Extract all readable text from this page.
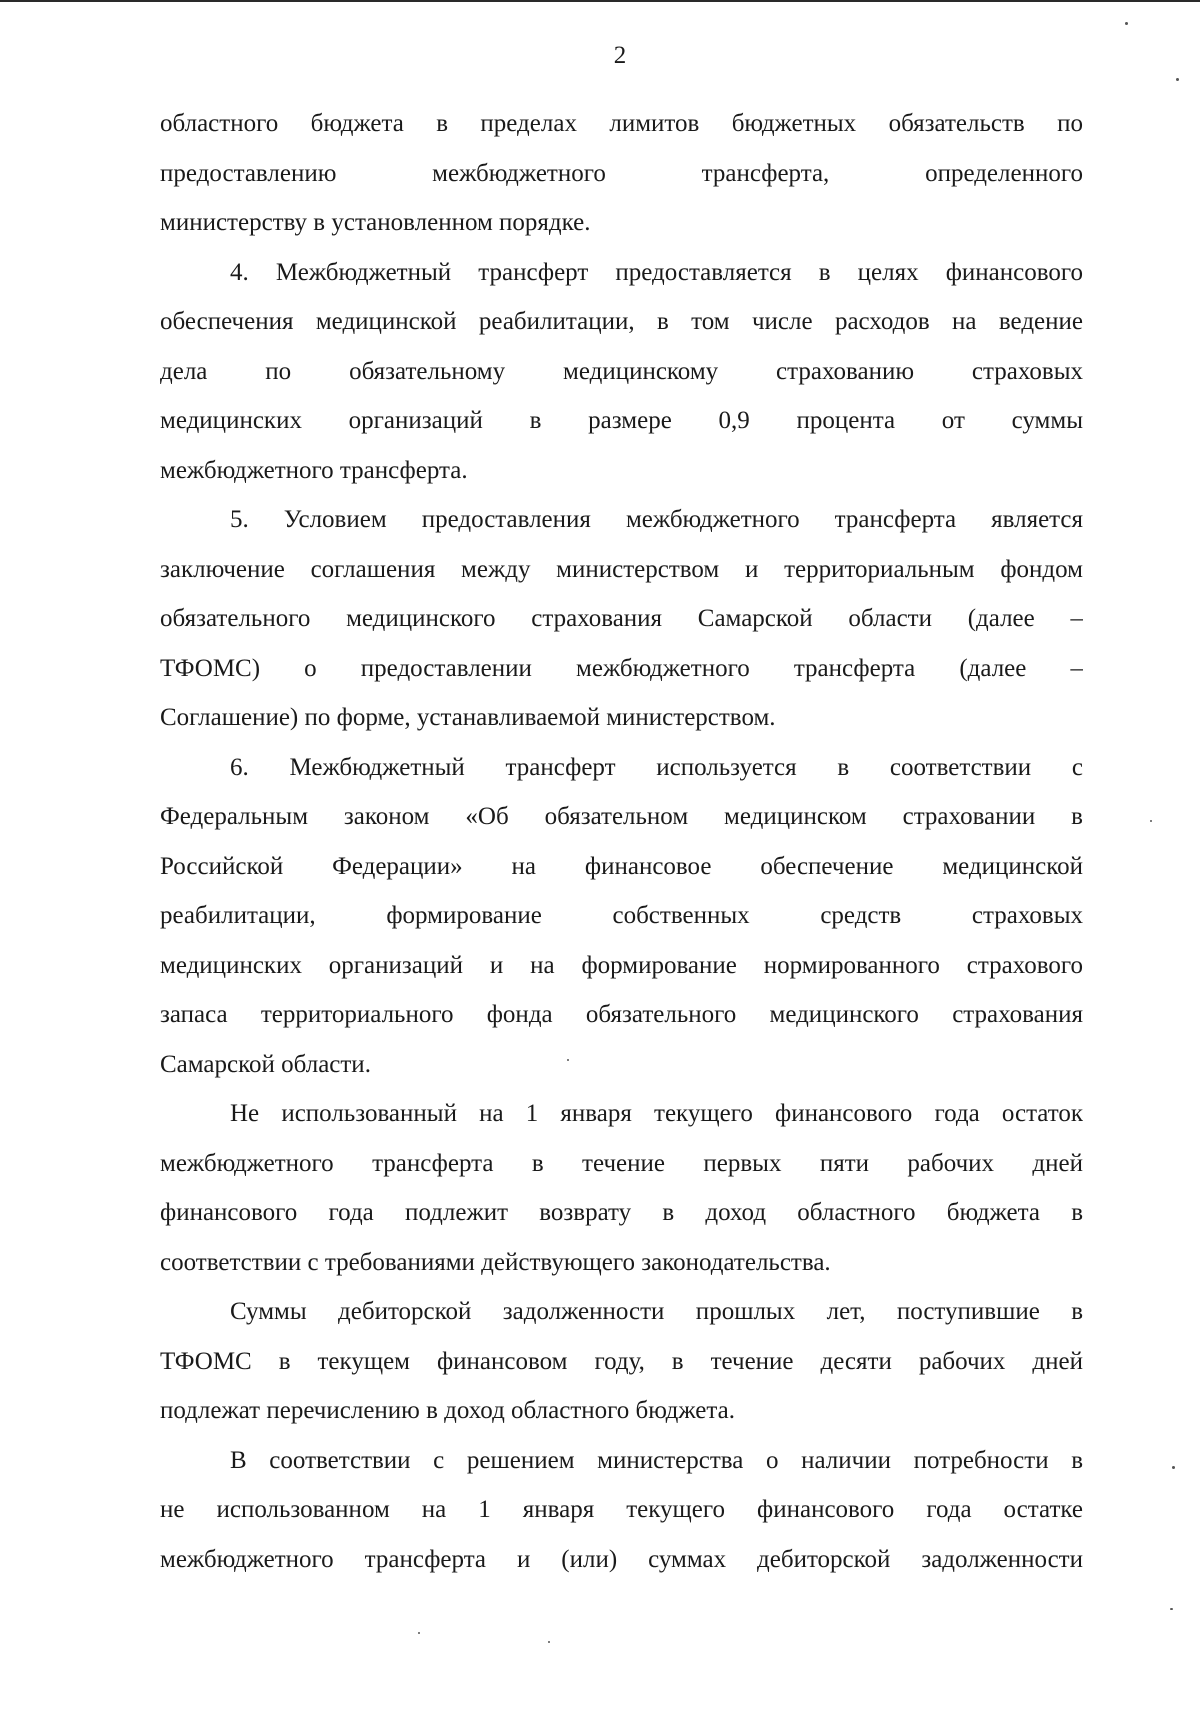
2
областного бюджета в пределах лимитов бюджетных обязательств по
предоставлению межбюджетного трансферта, определенного
министерству в установленном порядке.
4. Межбюджетный трансферт предоставляется в целях финансового
обеспечения медицинской реабилитации, в том числе расходов на ведение
дела по обязательному медицинскому страхованию страховых
медицинских организаций в размере 0,9 процента от суммы
межбюджетного трансферта.
5. Условием предоставления межбюджетного трансферта является
заключение соглашения между министерством и территориальным фондом
обязательного медицинского страхования Самарской области (далее –
ТФОМС) о предоставлении межбюджетного трансферта (далее –
Соглашение) по форме, устанавливаемой министерством.
6. Межбюджетный трансферт используется в соответствии с
Федеральным законом «Об обязательном медицинском страховании в
Российской Федерации» на финансовое обеспечение медицинской
реабилитации, формирование собственных средств страховых
медицинских организаций и на формирование нормированного страхового
запаса территориального фонда обязательного медицинского страхования
Самарской области.
Не использованный на 1 января текущего финансового года остаток
межбюджетного трансферта в течение первых пяти рабочих дней
финансового года подлежит возврату в доход областного бюджета в
соответствии с требованиями действующего законодательства.
Суммы дебиторской задолженности прошлых лет, поступившие в
ТФОМС в текущем финансовом году, в течение десяти рабочих дней
подлежат перечислению в доход областного бюджета.
В соответствии с решением министерства о наличии потребности в
не использованном на 1 января текущего финансового года остатке
межбюджетного трансферта и (или) суммах дебиторской задолженности
